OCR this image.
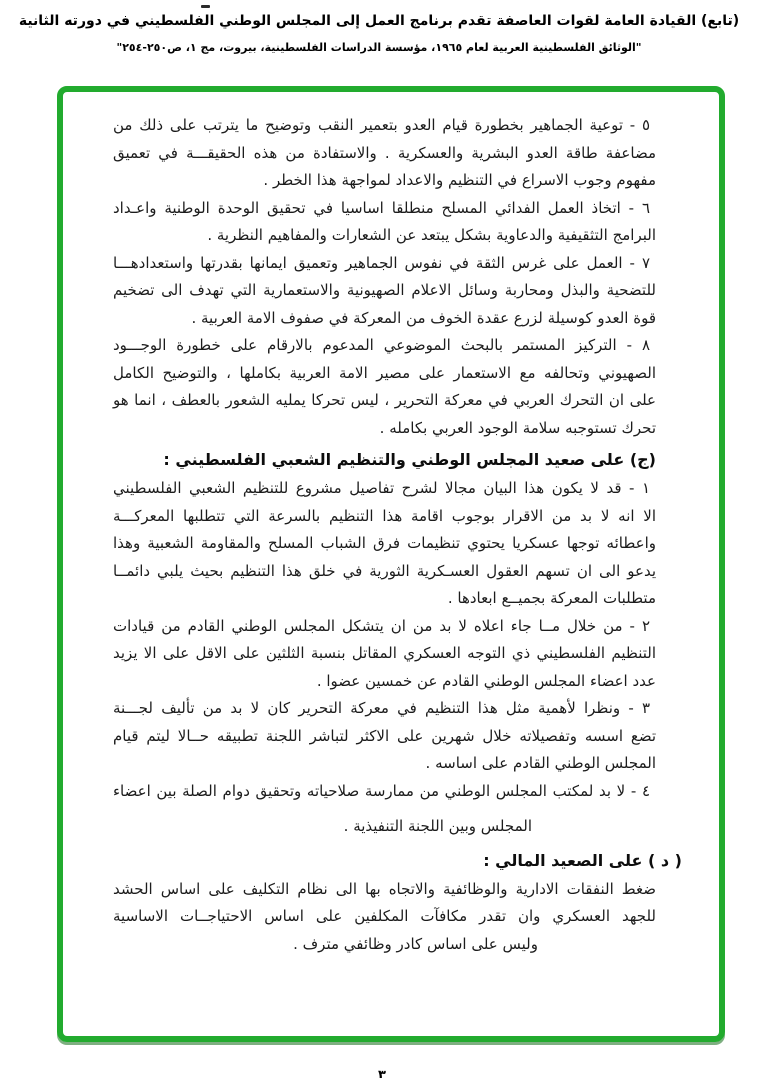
(تابع) القيادة العامة لقوات العاصفة تقدم برنامج العمل إلى المجلس الوطني الفلسطيني في دورته الثانية
"الوثائق الفلسطينية العربية لعام ١٩٦٥، مؤسسة الدراسات الفلسطينية، بيروت، مج ١، ص٢٥٠-٢٥٤"
٥ - توعية الجماهير بخطورة قيام العدو بتعمير النقب وتوضيح ما يترتب على ذلك من
مضاعفة طاقة العدو البشرية والعسكرية . والاستفادة من هذه الحقيقـــة في تعميق
مفهوم وجوب الاسراع في التنظيم والاعداد لمواجهة هذا الخطر .
٦ - اتخاذ العمل الفدائي المسلح منطلقا اساسيا في تحقيق الوحدة الوطنية واعـداد
البرامج التثقيفية والدعاوية بشكل يبتعد عن الشعارات والمفاهيم النظرية .
٧ - العمل على غرس الثقة في نفوس الجماهير وتعميق ايمانها بقدرتها واستعدادهـــا
للتضحية والبذل ومحاربة وسائل الاعلام الصهيونية والاستعمارية التي تهدف الى تضخيم
قوة العدو كوسيلة لزرع عقدة الخوف من المعركة في صفوف الامة العربية .
٨ - التركيز المستمر بالبحث الموضوعي المدعوم بالارقام على خطورة الوجـــود
الصهيوني وتحالفه مع الاستعمار على مصير الامة العربية بكاملها ، والتوضيح الكامل
على ان التحرك العربي في معركة التحرير ، ليس تحركا يمليه الشعور بالعطف ، انما هو
تحرك تستوجبه سلامة الوجود العربي بكامله .
(ج) على صعيد المجلس الوطني والتنظيم الشعبي الفلسطيني :
١ - قد لا يكون هذا البيان مجالا لشرح تفاصيل مشروع للتنظيم الشعبي الفلسطيني
الا انه لا بد من الاقرار بوجوب اقامة هذا التنظيم بالسرعة التي تتطلبها المعركـــة
واعطائه توجها عسكريا يحتوي تنظيمات فرق الشباب المسلح والمقاومة الشعبية وهذا
يدعو الى ان تسهم العقول العسـكرية الثورية في خلق هذا التنظيم بحيث يلبي دائمــا
متطلبات المعركة بجميــع ابعادها .
٢ - من خلال مــا جاء اعلاه لا بد من ان يتشكل المجلس الوطني القادم من قيادات
التنظيم الفلسطيني ذي التوجه العسكري المقاتل بنسبة الثلثين على الاقل على الا يزيد
عدد اعضاء المجلس الوطني القادم عن خمسين عضوا .
٣ - ونظرا لأهمية مثل هذا التنظيم في معركة التحرير كان لا بد من تأليف لجـــنة
تضع اسسه وتفصيلاته خلال شهرين على الاكثر لتباشر اللجنة تطبيقه حــالا ليتم قيام
المجلس الوطني القادم على اساسه .
٤ - لا بد لمكتب المجلس الوطني من ممارسة صلاحياته وتحقيق دوام الصلة بين اعضاء
المجلس وبين اللجنة التنفيذية .
( د ) على الصعيد المالي :
ضغط النفقات الادارية والوظائفية والاتجاه بها الى نظام التكليف على اساس الحشد
للجهد العسكري وان تقدر مكافآت المكلفين على اساس الاحتياجــات الاساسية
وليس على اساس كادر وظائفي مترف .
٣
